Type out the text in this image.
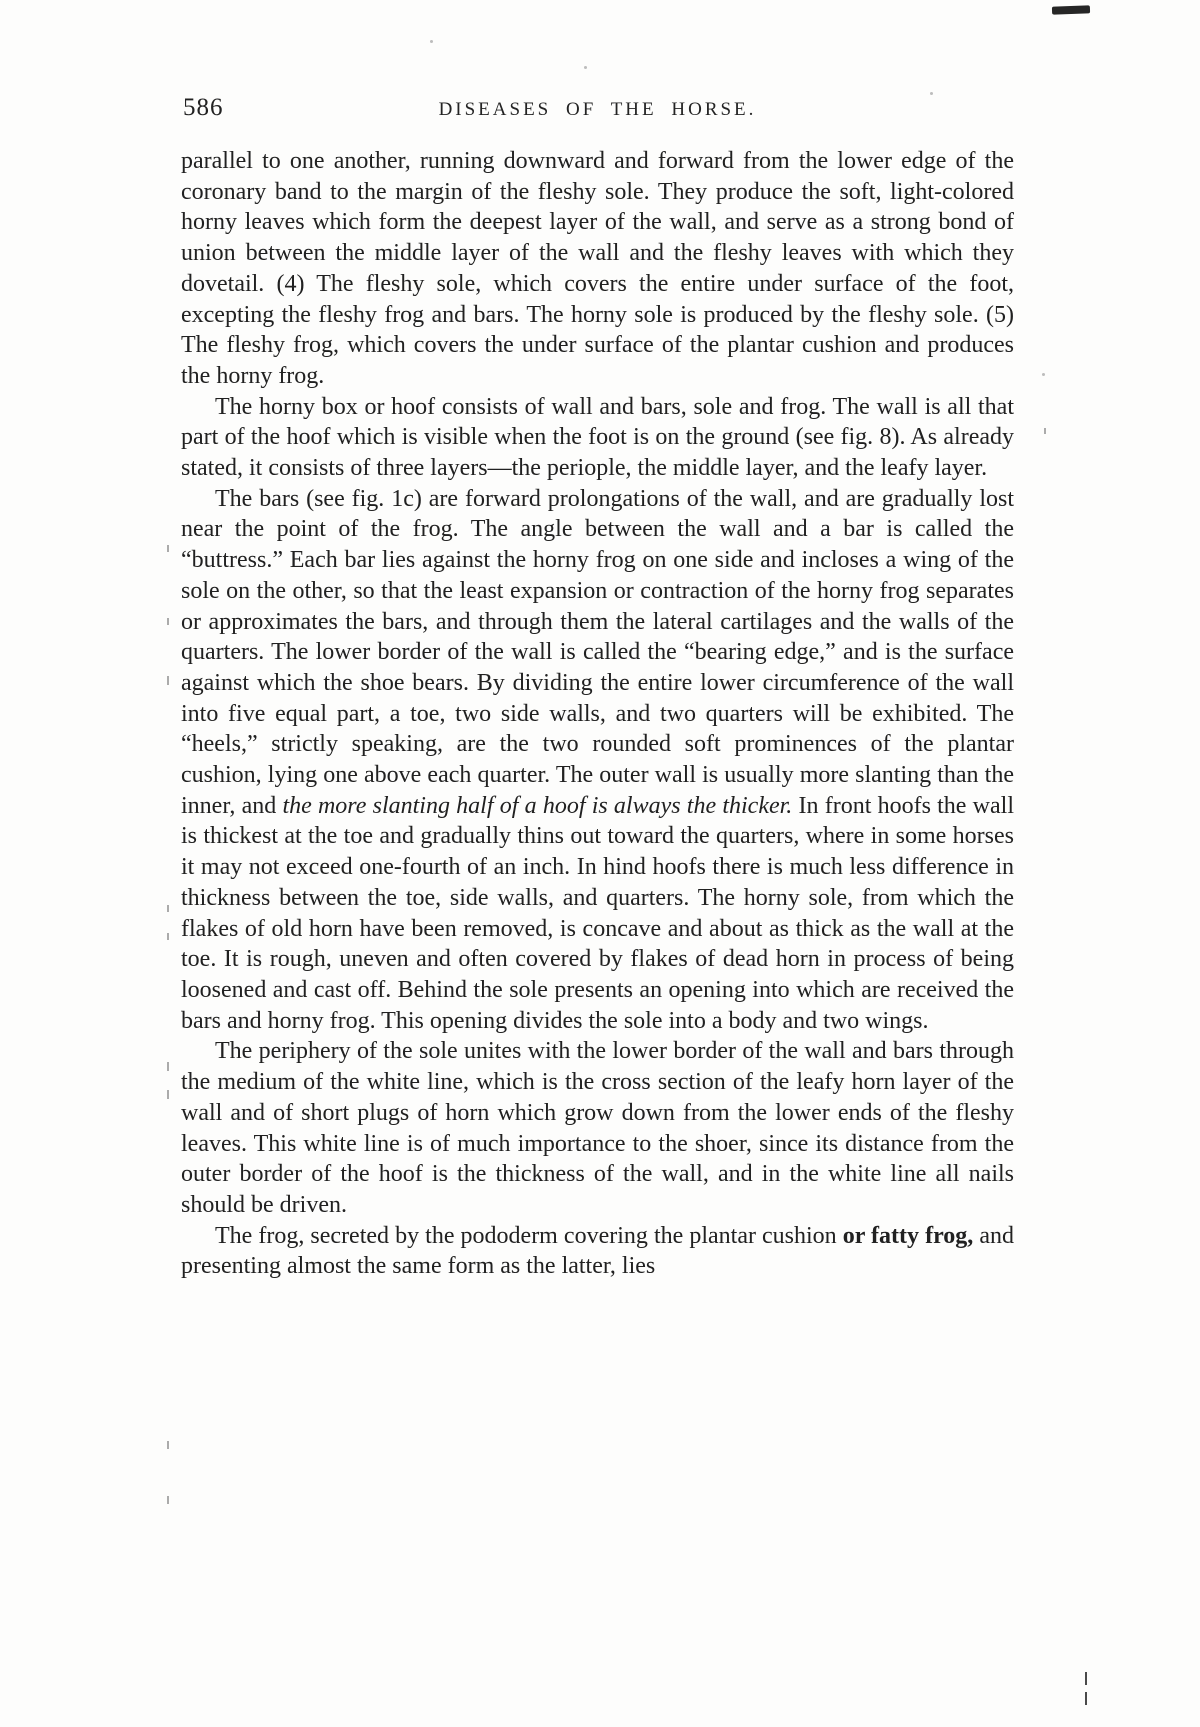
586	DISEASES OF THE HORSE.

parallel to one another, running downward and forward from the lower edge of the coronary band to the margin of the fleshy sole. They produce the soft, light-colored horny leaves which form the deepest layer of the wall, and serve as a strong bond of union between the middle layer of the wall and the fleshy leaves with which they dovetail. (4) The fleshy sole, which covers the entire under surface of the foot, excepting the fleshy frog and bars. The horny sole is produced by the fleshy sole. (5) The fleshy frog, which covers the under surface of the plantar cushion and produces the horny frog.

The horny box or hoof consists of wall and bars, sole and frog. The wall is all that part of the hoof which is visible when the foot is on the ground (see fig. 8). As already stated, it consists of three layers—the periople, the middle layer, and the leafy layer.

The bars (see fig. 1c) are forward prolongations of the wall, and are gradually lost near the point of the frog. The angle between the wall and a bar is called the “buttress.” Each bar lies against the horny frog on one side and incloses a wing of the sole on the other, so that the least expansion or contraction of the horny frog separates or approximates the bars, and through them the lateral cartilages and the walls of the quarters. The lower border of the wall is called the “bearing edge,” and is the surface against which the shoe bears. By dividing the entire lower circumference of the wall into five equal part, a toe, two side walls, and two quarters will be exhibited. The “heels,” strictly speaking, are the two rounded soft prominences of the plantar cushion, lying one above each quarter. The outer wall is usually more slanting than the inner, and the more slanting half of a hoof is always the thicker. In front hoofs the wall is thickest at the toe and gradually thins out toward the quarters, where in some horses it may not exceed one-fourth of an inch. In hind hoofs there is much less difference in thickness between the toe, side walls, and quarters. The horny sole, from which the flakes of old horn have been removed, is concave and about as thick as the wall at the toe. It is rough, uneven and often covered by flakes of dead horn in process of being loosened and cast off. Behind the sole presents an opening into which are received the bars and horny frog. This opening divides the sole into a body and two wings.

The periphery of the sole unites with the lower border of the wall and bars through the medium of the white line, which is the cross section of the leafy horn layer of the wall and of short plugs of horn which grow down from the lower ends of the fleshy leaves. This white line is of much importance to the shoer, since its distance from the outer border of the hoof is the thickness of the wall, and in the white line all nails should be driven.

The frog, secreted by the pododerm covering the plantar cushion or fatty frog, and presenting almost the same form as the latter, lies
